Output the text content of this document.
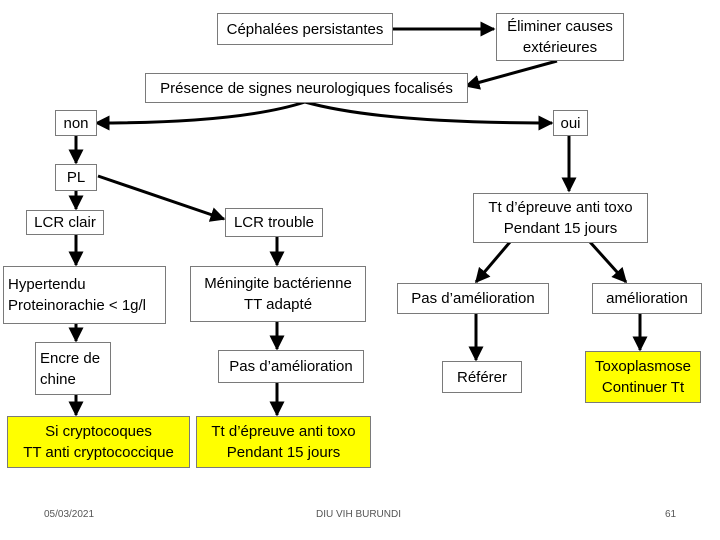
Céphalées persistantes	Éliminer causes
extérieures
Présence de signes neurologiques focalisés
non	oui
PL
LCR clair	LCR trouble
Tt d’épreuve anti toxo
Pendant 15 jours
Hypertendu
Proteinorachie < 1g/l
Méningite bactérienne
TT adapté	Pas d’amélioration	amélioration
Encre de
chine
Pas d’amélioration
Référer
Toxoplasmose
Continuer Tt
Si cryptocoques
TT anti cryptococcique
Tt d’épreuve anti toxo
Pendant 15 jours
05/03/2021	DIU VIH BURUNDI	61
